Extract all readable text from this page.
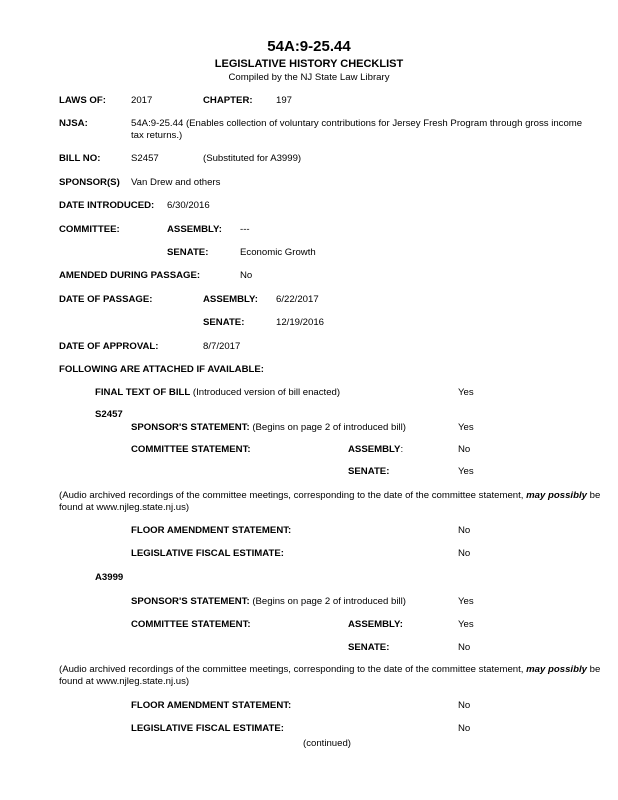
54A:9-25.44
LEGISLATIVE HISTORY CHECKLIST
Compiled by the NJ State Law Library
LAWS OF:	2017	CHAPTER: 197
NJSA:	54A:9-25.44 (Enables collection of voluntary contributions for Jersey Fresh Program through gross income tax returns.)
BILL NO:	S2457	(Substituted for A3999)
SPONSOR(S) Van Drew and others
DATE INTRODUCED: 6/30/2016
COMMITTEE:	ASSEMBLY: ---
SENATE:	Economic Growth
AMENDED DURING PASSAGE:	No
DATE OF PASSAGE:	ASSEMBLY: 6/22/2017
SENATE:	12/19/2016
DATE OF APPROVAL:	8/7/2017
FOLLOWING ARE ATTACHED IF AVAILABLE:
FINAL TEXT OF BILL (Introduced version of bill enacted)	Yes
S2457
SPONSOR'S STATEMENT: (Begins on page 2 of introduced bill)	Yes
COMMITTEE STATEMENT:	ASSEMBLY:	No
SENATE:	Yes
(Audio archived recordings of the committee meetings, corresponding to the date of the committee statement, may possibly be found at www.njleg.state.nj.us)
FLOOR AMENDMENT STATEMENT:	No
LEGISLATIVE FISCAL ESTIMATE:	No
A3999
SPONSOR'S STATEMENT: (Begins on page 2 of introduced bill)	Yes
COMMITTEE STATEMENT:	ASSEMBLY:	Yes
SENATE:	No
(Audio archived recordings of the committee meetings, corresponding to the date of the committee statement, may possibly be found at www.njleg.state.nj.us)
FLOOR AMENDMENT STATEMENT:	No
LEGISLATIVE FISCAL ESTIMATE:	No
(continued)
